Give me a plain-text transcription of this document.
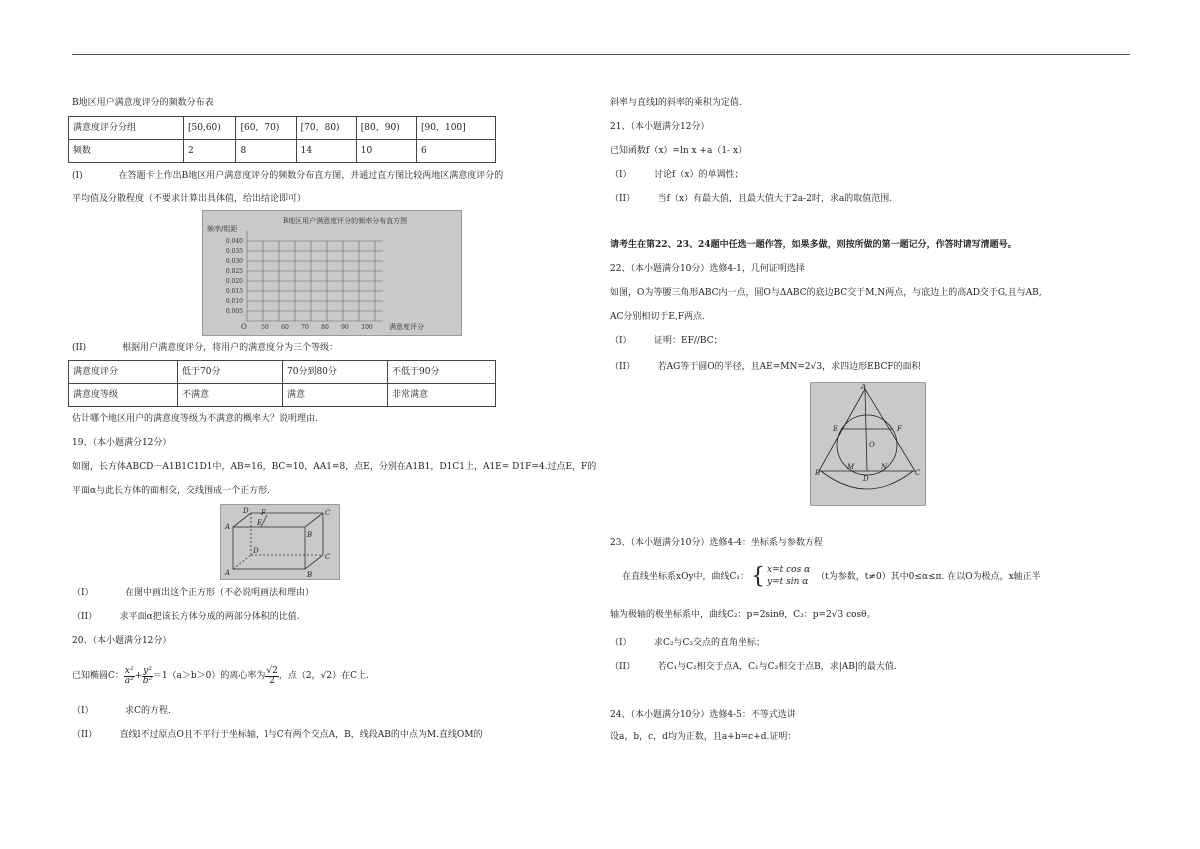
B地区用户满意度评分的频数分布表
满意度评分分组	[50,60)	[60，70)	[70，80)	[80，90)	[90，100]
频数	2	8	14	10	6
(I)　　　　在答题卡上作出B地区用户满意度评分的频数分布直方图，并通过直方图比较两地区满意度评分的
平均值及分散程度（不要求计算出具体值，给出结论即可）
B地区用户满意度评分的频率分布直方图
频率/组距
0.040
0.035
0.030
0.025
0.020
0.015
0.010
0.005
O 50 60 70 80 90 100 满意度评分
(II)　　　　根据用户满意度评分，将用户的满意度分为三个等级：
满意度评分	低于70分	70分到80分	不低于90分
满意度等级	不满意	满意	非常满意
估计哪个地区用户的满意度等级为不满意的概率大？说明理由.
19、（本小题满分12分）
如图，长方体ABCD－A1B1C1D1中，AB=16，BC=10，AA1=8，点E，分别在A1B1，D1C1上，A1E= D1F=4.过点E，F的
平面α与此长方体的面相交，交线围成一个正方形.
D	C
A
B
D
C
A	B
E
F
（I）　　　　在图中画出这个正方形（不必说明画法和理由）
（II）　　　求平面α把该长方体分成的两部分体积的比值.
20、（本小题满分12分）
已知椭圆C： $\frac{\text{x²}}{\text{a²}} + \frac{\text{y²}}{\text{b²}} =1(a>b>0)$的离心率为 $\frac{√2}{2}$ ，点（2，√2）在C上.
（I）　　　　求C的方程.
（II）　　　直线l不过原点O且不平行于坐标轴，l与C有两个交点A，B，线段AB的中点为M.直线OM的
斜率与直线l的斜率的乘积为定值.
21、（本小题满分12分）
已知函数f（x）=ln x +a（1- x）
（I）　　　讨论f（x）的单调性；
（II）　　　当f（x）有最大值，且最大值大于2a-2时，求a的取值范围.
请考生在第22、23、24题中任选一题作答，如果多做，则按所做的第一题记分，作答时请写清题号。
22、（本小题满分10分）选修4-1，几何证明选择
如图，O为等腰三角形ABC内一点，圆O与ΔABC的底边BC交于M,N两点，与底边上的高AD交于G,且与AB,
AC分别相切于E,F两点.
（I）　　　证明：EF//BC；
（II）　　　若AG等于圆O的半径，且AE=MN=2√3，求四边形EBCF的面积
A
E	F
B	C
D
O
M	N
23、（本小题满分10分）选修4-4：坐标系与参数方程
在直线坐标系xOy中，曲线C₁： { x=t cos α
y=t sin α
（t为参数，t≠0）其中0≤α≤π. 在以O为极点，x轴正半
轴为极轴的极坐标系中，曲线C₂：p=2sinθ，C₃：p=2√3 cosθ。
（I）　　　求C₂与C₃交点的直角坐标；
（II）　　　若C₁与C₂相交于点A，C₁与C₃相交于点B，求|AB|的最大值.
24、（本小题满分10分）选修4-5：不等式选讲
设a，b，c，d均为正数，且a+b=c+d.证明：
